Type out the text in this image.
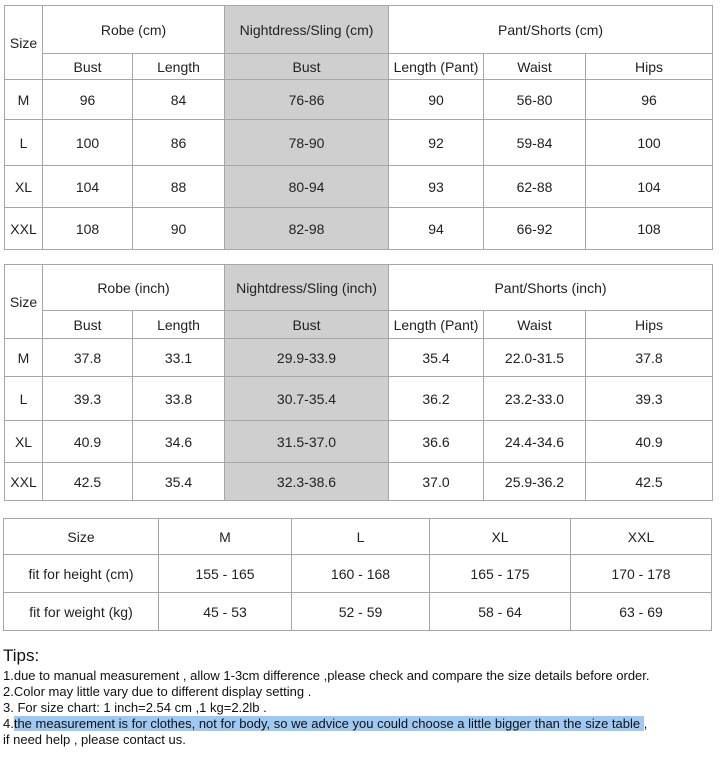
Size	Robe (cm)		Nightdress/Sling (cm)	Pant/Shorts (cm)		
	Bust	Length	Bust	Length (Pant)	Waist	Hips
M	96	84	76-86	90	56-80	96
L	100	86	78-90	92	59-84	100
XL	104	88	80-94	93	62-88	104
XXL	108	90	82-98	94	66-92	108
Size	Robe (inch)		Nightdress/Sling (inch)	Pant/Shorts (inch)		
	Bust	Length	Bust	Length (Pant)	Waist	Hips
M	37.8	33.1	29.9-33.9	35.4	22.0-31.5	37.8
L	39.3	33.8	30.7-35.4	36.2	23.2-33.0	39.3
XL	40.9	34.6	31.5-37.0	36.6	24.4-34.6	40.9
XXL	42.5	35.4	32.3-38.6	37.0	25.9-36.2	42.5
Size	M	L	XL	XXL
fit for height (cm)	155 - 165	160 - 168	165 - 175	170 - 178
fit for weight (kg)	45 - 53	52 - 59	58 - 64	63 - 69
Tips:
1.due to manual measurement , allow 1-3cm difference ,please check and compare the size details before order.
2.Color may little vary due to different display setting .
3. For size chart: 1 inch=2.54 cm ,1 kg=2.2lb .
4.the measurement is for clothes, not for body, so we advice you could choose a little bigger than the size table ,
if need help , please contact us.
